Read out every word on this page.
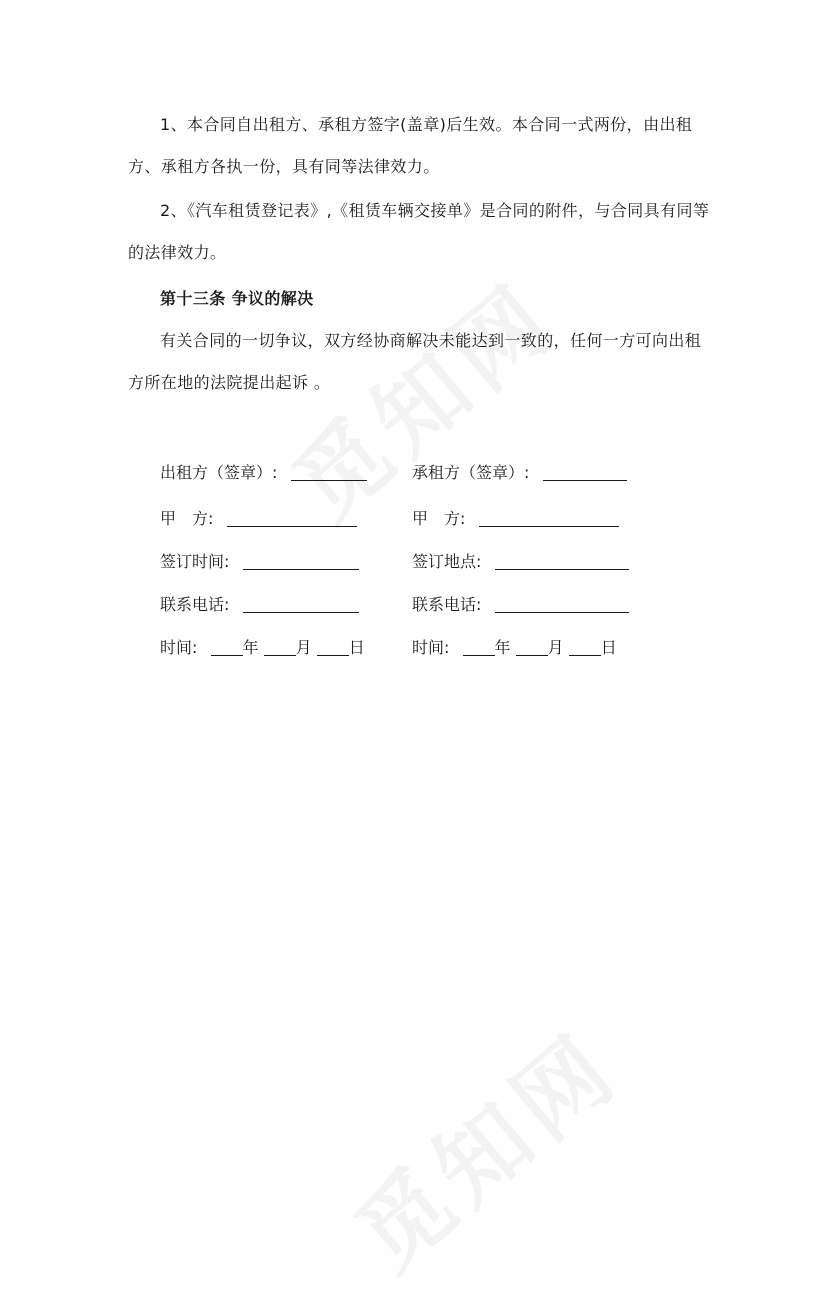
1、本合同自出租方、承租方签字(盖章)后生效。本合同一式两份，由出租方、承租方各执一份，具有同等法律效力。
2、《汽车租赁登记表》,《租赁车辆交接单》是合同的附件，与合同具有同等的法律效力。
第十三条 争议的解决
有关合同的一切争议，双方经协商解决未能达到一致的，任何一方可向出租方所在地的法院提出起诉 。
出租方（签章）:
甲　方:
签订时间:
联系电话:
时间:	年 月 日
承租方（签章）:
甲　方:
签订地点:
联系电话:
时间:	年 月 日
